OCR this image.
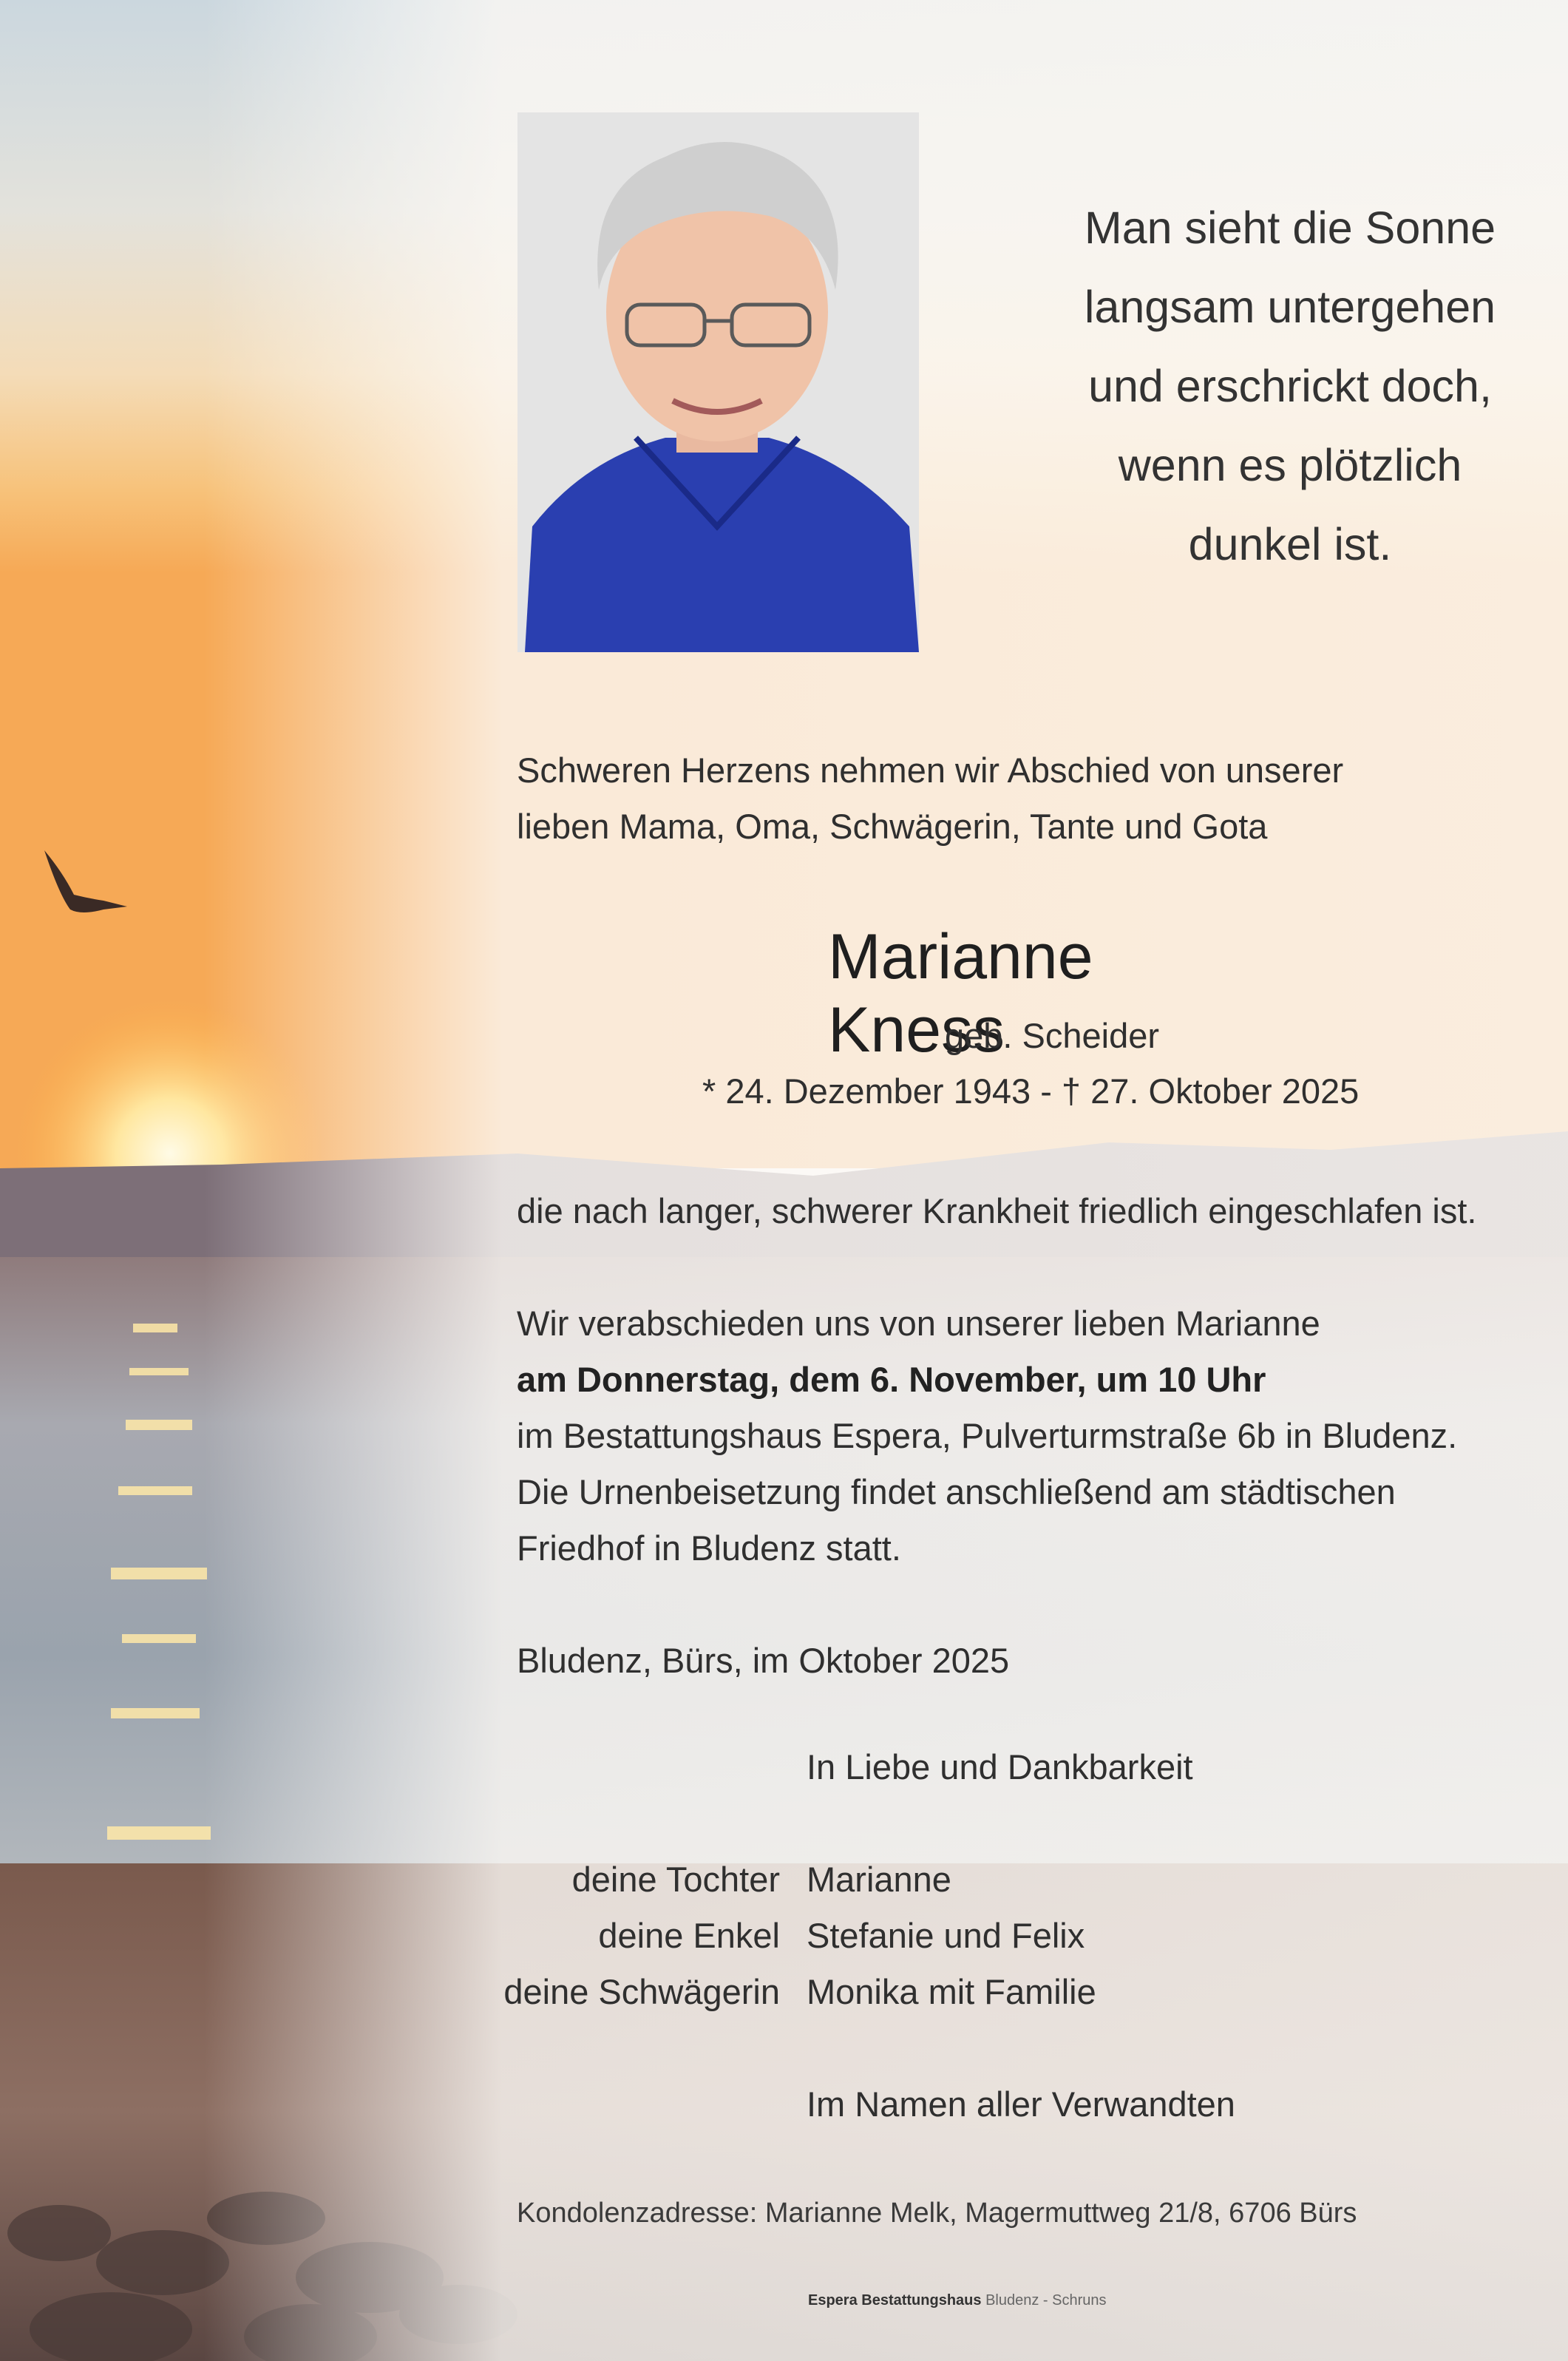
Man sieht die Sonne
langsam untergehen
und erschrickt doch,
wenn es plötzlich
dunkel ist.
Schweren Herzens nehmen wir Abschied von unserer
lieben Mama, Oma, Schwägerin, Tante und Gota
Marianne Kness
geb. Scheider
* 24. Dezember 1943 - † 27. Oktober 2025
die nach langer, schwerer Krankheit friedlich eingeschlafen ist.
Wir verabschieden uns von unserer lieben Marianne
am Donnerstag, dem 6. November, um 10 Uhr
im Bestattungshaus Espera, Pulverturmstraße 6b in Bludenz.
Die Urnenbeisetzung findet anschließend am städtischen
Friedhof in Bludenz statt.
Bludenz, Bürs, im Oktober 2025
In Liebe und Dankbarkeit
deine Tochter Marianne
deine Enkel Stefanie und Felix
deine Schwägerin Monika mit Familie
Im Namen aller Verwandten
Kondolenzadresse: Marianne Melk, Magermuttweg 21/8, 6706 Bürs
Espera Bestattungshaus Bludenz - Schruns
